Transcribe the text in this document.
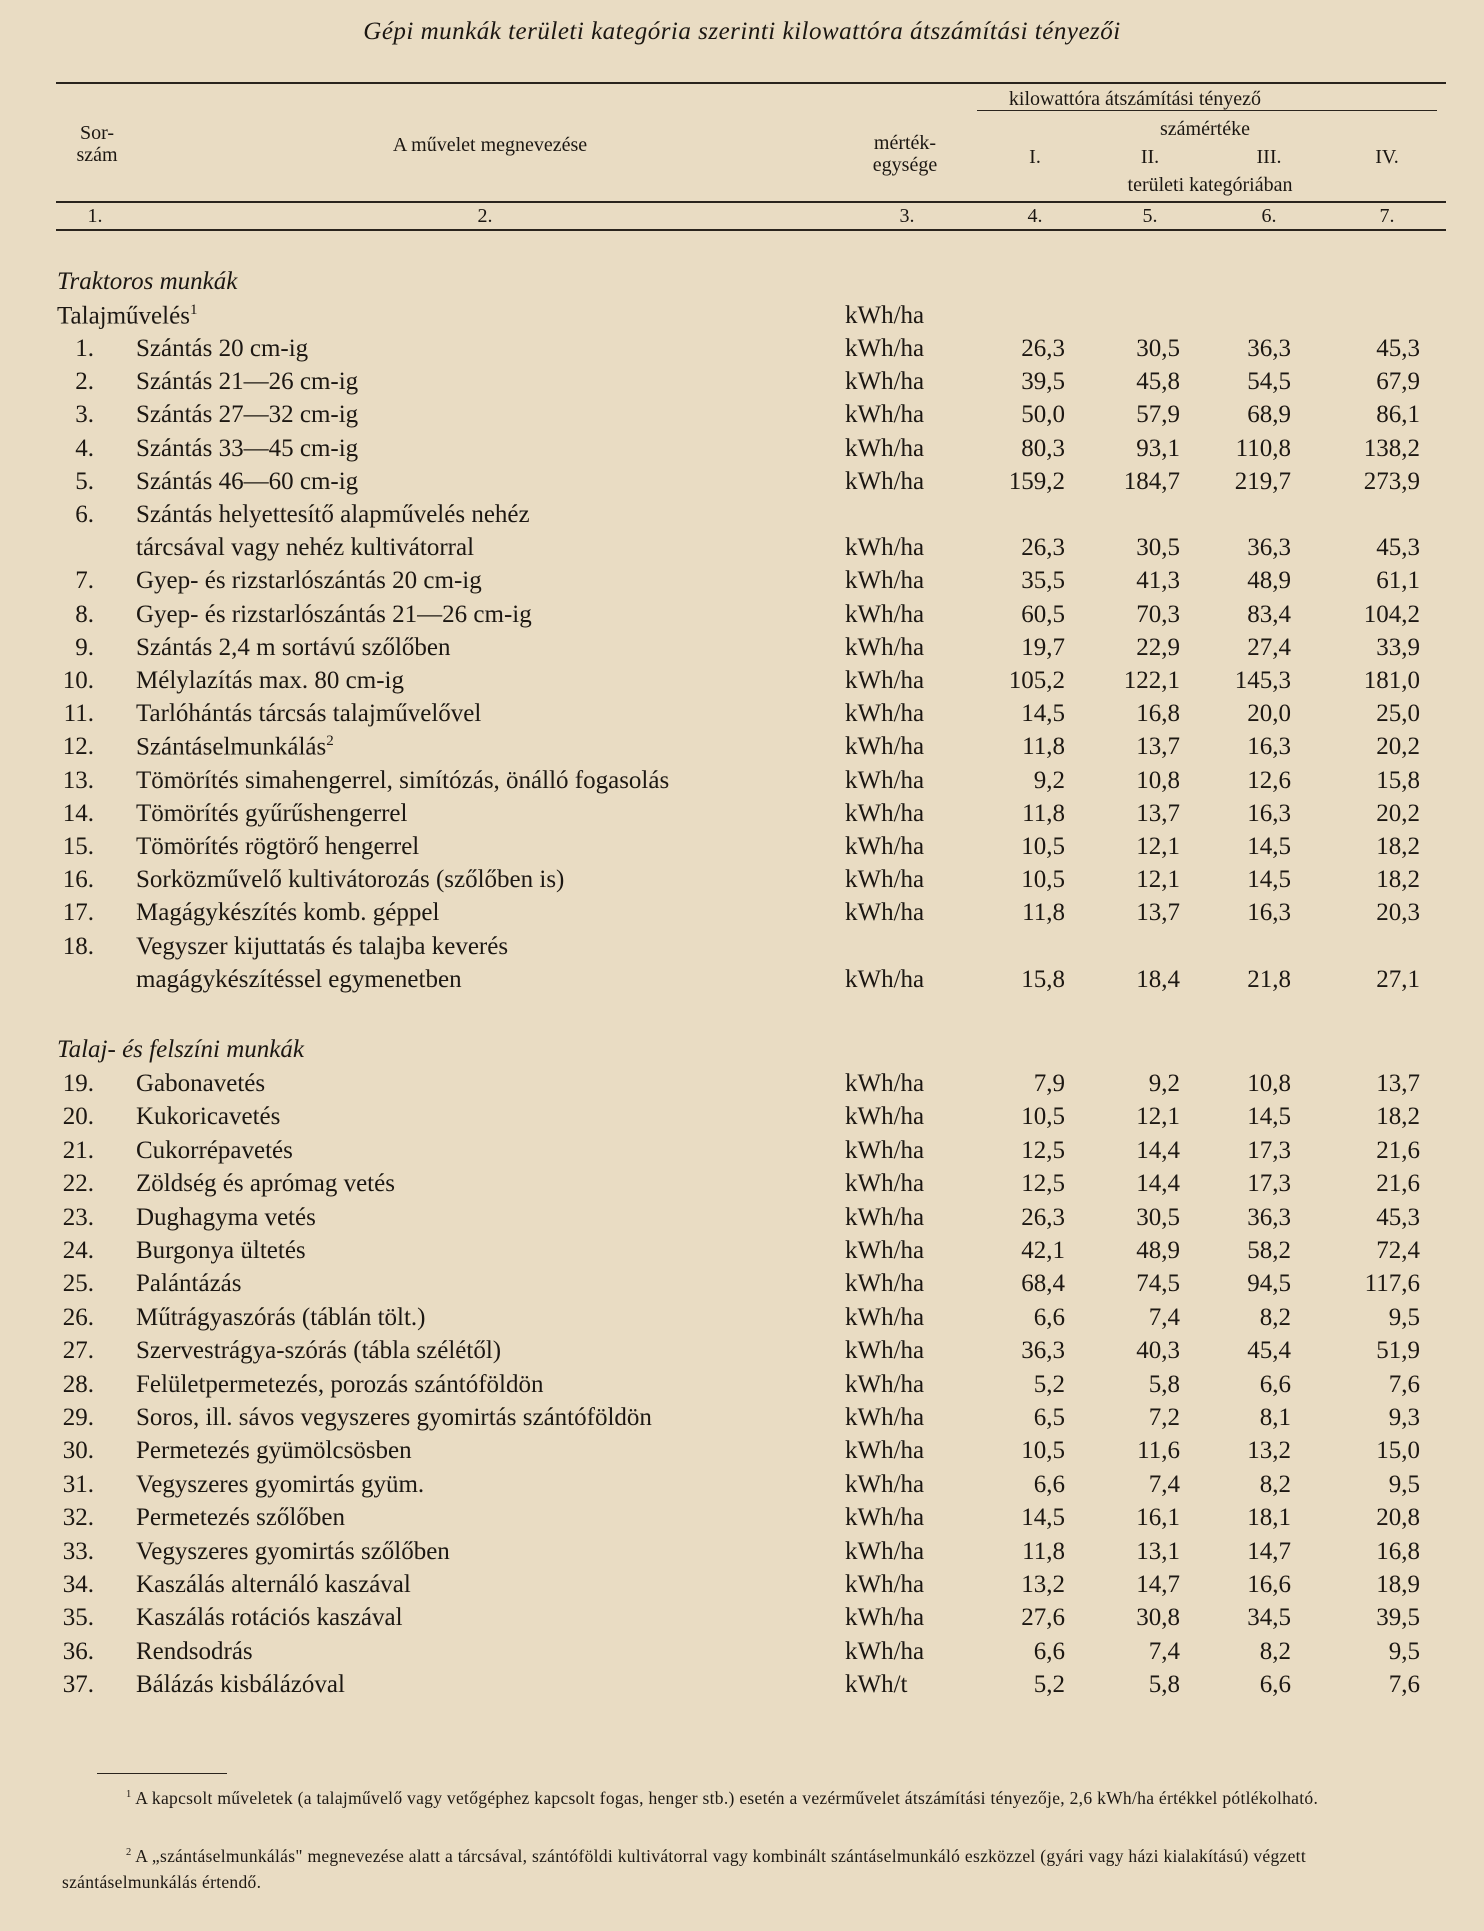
Gépi munkák területi kategória szerinti kilowattóra átszámítási tényezői
Sor-
szám	A művelet megnevezése	mérték-
egysége
kilowattóra átszámítási tényező
számértéke
I.	II.	III.	IV.
területi kategóriában
1.	2.	3.	4.	5.	6.	7.
Traktoros munkák
Talajművelés$^1$	kWh/ha
1. Szántás 20 cm-ig	kWh/ha	26,3	30,5	36,3	45,3
2. Szántás 21—26 cm-ig	kWh/ha	39,5	45,8	54,5	67,9
3. Szántás 27—32 cm-ig	kWh/ha	50,0	57,9	68,9	86,1
4. Szántás 33—45 cm-ig	kWh/ha	80,3	93,1	110,8	138,2
5. Szántás 46—60 cm-ig	kWh/ha	159,2	184,7	219,7	273,9
6. Szántás helyettesítő alapművelés nehéz
tárcsával vagy nehéz kultivátorral	kWh/ha	26,3	30,5	36,3	45,3
7. Gyep- és rizstarlószántás 20 cm-ig	kWh/ha	35,5	41,3	48,9	61,1
8. Gyep- és rizstarlószántás 21—26 cm-ig	kWh/ha	60,5	70,3	83,4	104,2
9. Szántás 2,4 m sortávú szőlőben	kWh/ha	19,7	22,9	27,4	33,9
10. Mélylazítás max. 80 cm-ig	kWh/ha	105,2	122,1	145,3	181,0
11. Tarlóhántás tárcsás talajművelővel	kWh/ha	14,5	16,8	20,0	25,0
12. Szántáselmunkálás$^2$	kWh/ha	11,8	13,7	16,3	20,2
13. Tömörítés simahengerrel, simítózás, önálló fogasolás	kWh/ha	9,2	10,8	12,6	15,8
14. Tömörítés gyűrűshengerrel	kWh/ha	11,8	13,7	16,3	20,2
15. Tömörítés rögtörő hengerrel	kWh/ha	10,5	12,1	14,5	18,2
16. Sorközművelő kultivátorozás (szőlőben is)	kWh/ha	10,5	12,1	14,5	18,2
17. Magágykészítés komb. géppel	kWh/ha	11,8	13,7	16,3	20,3
18. Vegyszer kijuttatás és talajba keverés
magágykészítéssel egymenetben	kWh/ha	15,8	18,4	21,8	27,1
Talaj- és felszíni munkák
19. Gabonavetés	kWh/ha	7,9	9,2	10,8	13,7
20. Kukoricavetés	kWh/ha	10,5	12,1	14,5	18,2
21. Cukorrépavetés	kWh/ha	12,5	14,4	17,3	21,6
22. Zöldség és aprómag vetés	kWh/ha	12,5	14,4	17,3	21,6
23. Dughagyma vetés	kWh/ha	26,3	30,5	36,3	45,3
24. Burgonya ültetés	kWh/ha	42,1	48,9	58,2	72,4
25. Palántázás	kWh/ha	68,4	74,5	94,5	117,6
26. Műtrágyaszórás (táblán tölt.)	kWh/ha	6,6	7,4	8,2	9,5
27. Szervestrágya-szórás (tábla szélétől)	kWh/ha	36,3	40,3	45,4	51,9
28. Felületpermetezés, porozás szántóföldön	kWh/ha	5,2	5,8	6,6	7,6
29. Soros, ill. sávos vegyszeres gyomirtás szántóföldön	kWh/ha	6,5	7,2	8,1	9,3
30. Permetezés gyümölcsösben	kWh/ha	10,5	11,6	13,2	15,0
31. Vegyszeres gyomirtás gyüm.	kWh/ha	6,6	7,4	8,2	9,5
32. Permetezés szőlőben	kWh/ha	14,5	16,1	18,1	20,8
33. Vegyszeres gyomirtás szőlőben	kWh/ha	11,8	13,1	14,7	16,8
34. Kaszálás alternáló kaszával	kWh/ha	13,2	14,7	16,6	18,9
35. Kaszálás rotációs kaszával	kWh/ha	27,6	30,8	34,5	39,5
36. Rendsodrás	kWh/ha	6,6	7,4	8,2	9,5
37. Bálázás kisbálázóval	kWh/t	5,2	5,8	6,6	7,6
$^1$ A kapcsolt műveletek (a talajművelő vagy vetőgéphez kapcsolt fogas, henger stb.) esetén a vezérművelet átszámítási tényezője, 2,6 kWh/ha értékkel pótlékolható.
$^2$ A „szántáselmunkálás" megnevezése alatt a tárcsával, szántóföldi kultivátorral vagy kombinált szántáselmunkáló eszközzel (gyári vagy házi kialakítású) végzett szántáselmunkálás értendő.
